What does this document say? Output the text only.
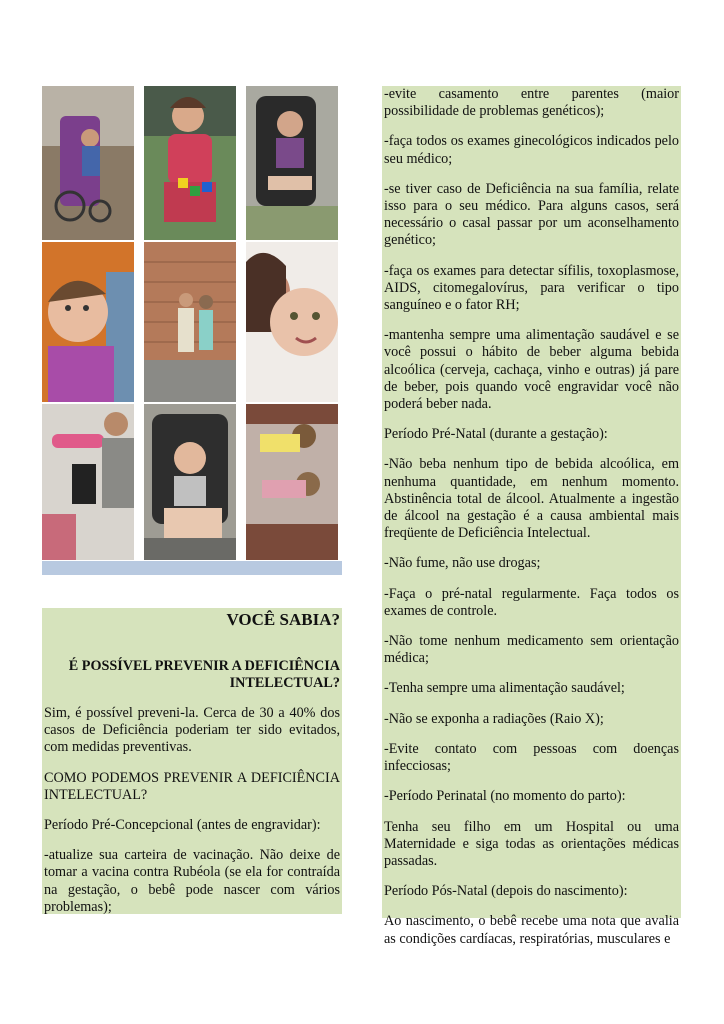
VOCÊ SABIA?
É POSSÍVEL PREVENIR A DEFICIÊNCIA INTELECTUAL?

Sim, é possível preveni-la. Cerca de 30 a 40% dos casos de Deficiência poderiam ter sido evitados, com medidas preventivas.

COMO PODEMOS PREVENIR A DEFICIÊNCIA INTELECTUAL?

Período Pré-Concepcional (antes de engravidar):

-atualize sua carteira de vacinação. Não deixe de tomar a vacina contra Rubéola (se ela for contraída na gestação, o bebê pode nascer com vários problemas);

-evite casamento entre parentes (maior possibilidade de problemas genéticos);

-faça todos os exames ginecológicos indicados pelo seu médico;

-se tiver caso de Deficiência na sua família, relate isso para o seu médico. Para alguns casos, será necessário o casal passar por um aconselhamento genético;

-faça os exames para detectar sífilis, toxoplasmose, AIDS, citomegalovírus, para verificar o tipo sanguíneo e o fator RH;

-mantenha sempre uma alimentação saudável e se você possui o hábito de beber alguma bebida alcoólica (cerveja, cachaça, vinho e outras) já pare de beber, pois quando você engravidar você não poderá beber nada.

Período Pré-Natal (durante a gestação):

-Não beba nenhum tipo de bebida alcoólica, em nenhuma quantidade, em nenhum momento. Abstinência total de álcool. Atualmente a ingestão de álcool na gestação é a causa ambiental mais freqüente de Deficiência Intelectual.

-Não fume, não use drogas;

-Faça o pré-natal regularmente. Faça todos os exames de controle.

-Não tome nenhum medicamento sem orientação médica;

-Tenha sempre uma alimentação saudável;

-Não se exponha a radiações (Raio X);

-Evite contato com pessoas com doenças infecciosas;

-Período Perinatal (no momento do parto):

Tenha seu filho em um Hospital ou uma Maternidade e siga todas as orientações médicas passadas.

Período Pós-Natal (depois do nascimento):

Ao nascimento, o bebê recebe uma nota que avalia as condições cardíacas, respiratórias, musculares e
